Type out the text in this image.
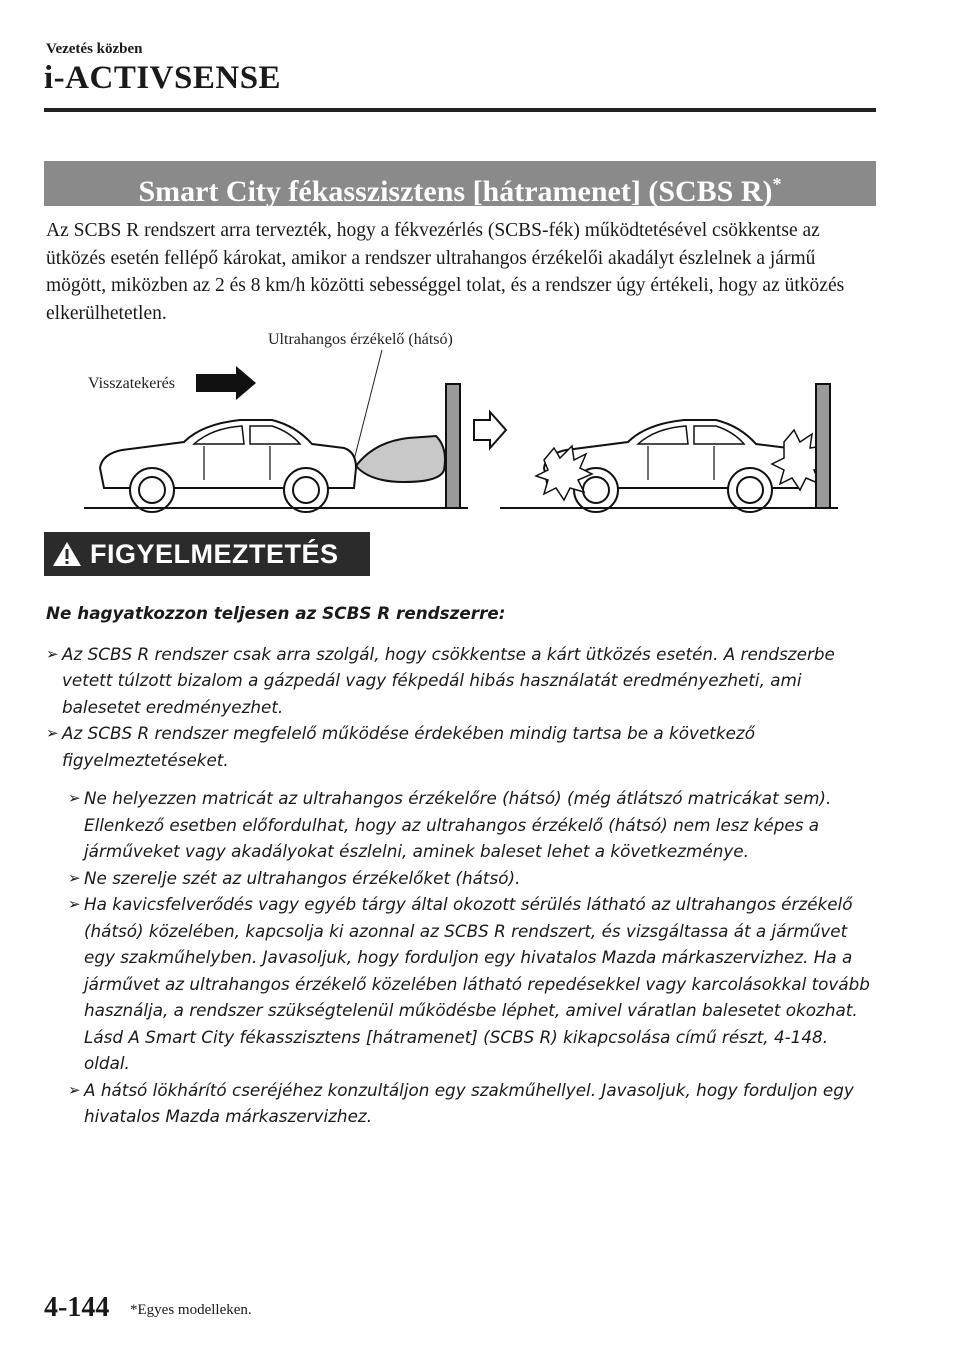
Vezetés közben
i-ACTIVSENSE
Smart City fékasszisztens [hátramenet] (SCBS R)*
Az SCBS R rendszert arra tervezték, hogy a fékvezérlés (SCBS-fék) működtetésével csökkentse az ütközés esetén fellépő károkat, amikor a rendszer ultrahangos érzékelői akadályt észlelnek a jármű mögött, miközben az 2 és 8 km/h közötti sebességgel tolat, és a rendszer úgy értékeli, hogy az ütközés elkerülhetetlen.
Ultrahangos érzékelő (hátsó)
Visszatekerés
FIGYELMEZTETÉS

Ne hagyatkozzon teljesen az SCBS R rendszerre:

➢ Az SCBS R rendszer csak arra szolgál, hogy csökkentse a kárt ütközés esetén. A rendszerbe vetett túlzott bizalom a gázpedál vagy fékpedál hibás használatát eredményezheti, ami balesetet eredményezhet.

➢ Az SCBS R rendszer megfelelő működése érdekében mindig tartsa be a következő figyelmeztetéseket.

➢ Ne helyezzen matricát az ultrahangos érzékelőre (hátsó) (még átlátszó matricákat sem). Ellenkező esetben előfordulhat, hogy az ultrahangos érzékelő (hátsó) nem lesz képes a járműveket vagy akadályokat észlelni, aminek baleset lehet a következménye.

➢ Ne szerelje szét az ultrahangos érzékelőket (hátsó).

➢ Ha kavicsfelverődés vagy egyéb tárgy által okozott sérülés látható az ultrahangos érzékelő (hátsó) közelében, kapcsolja ki azonnal az SCBS R rendszert, és vizsgáltassa át a járművet egy szakműhelyben. Javasoljuk, hogy forduljon egy hivatalos Mazda márkaszervizhez. Ha a járművet az ultrahangos érzékelő közelében látható repedésekkel vagy karcolásokkal tovább használja, a rendszer szükségtelenül működésbe léphet, amivel váratlan balesetet okozhat.
Lásd A Smart City fékasszisztens [hátramenet] (SCBS R) kikapcsolása című részt, 4-148. oldal.

➢ A hátsó lökhárító cseréjéhez konzultáljon egy szakműhellyel. Javasoljuk, hogy forduljon egy hivatalos Mazda márkaszervizhez.

4-144 *Egyes modelleken.
